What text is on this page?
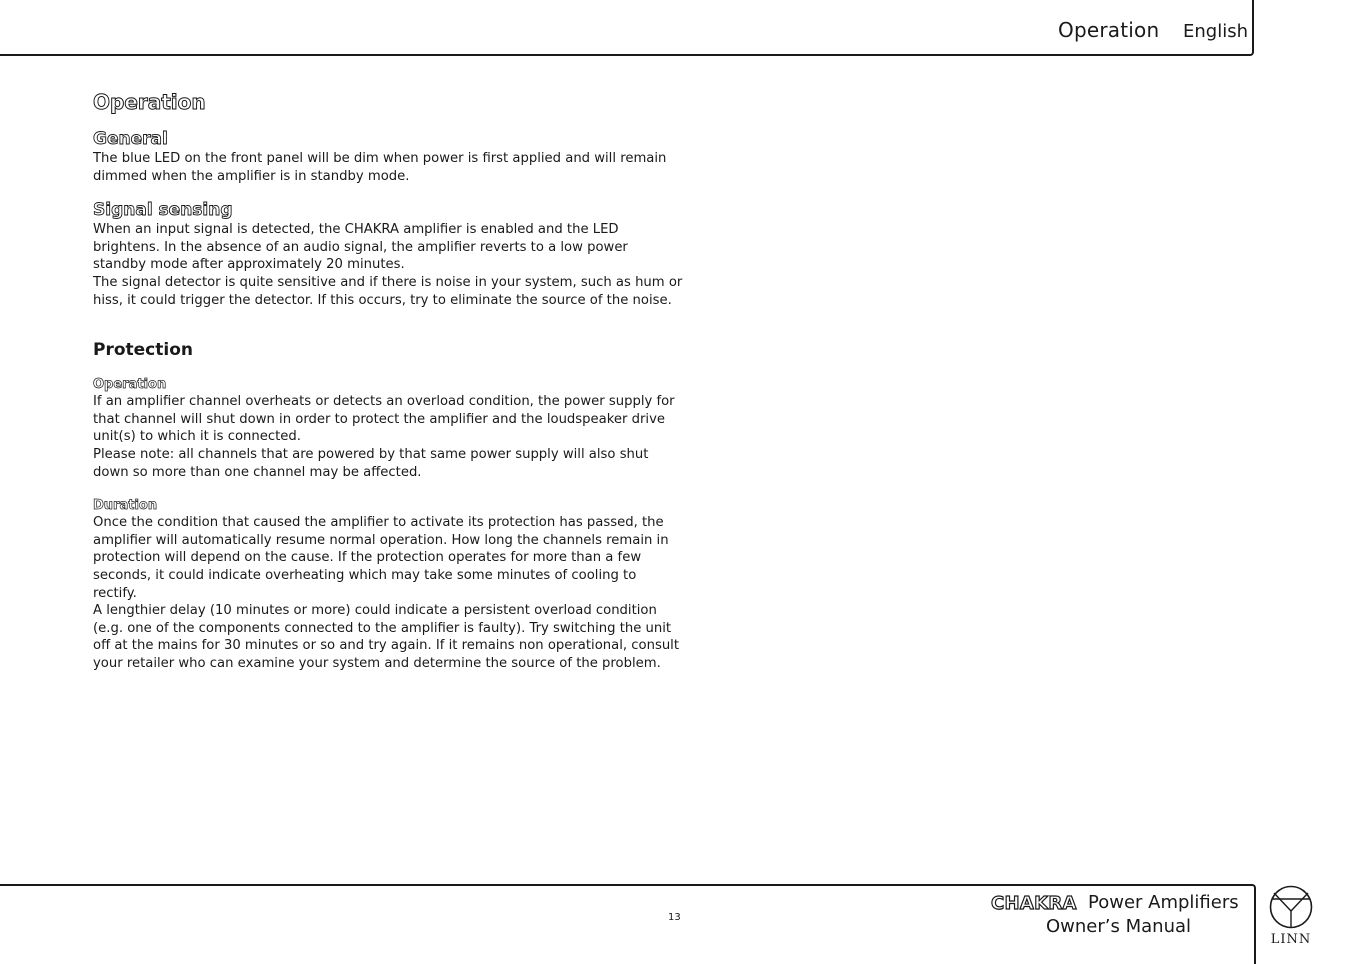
Operation English
Operation
General

The blue LED on the front panel will be dim when power is first applied and will remain dimmed when the amplifier is in standby mode.

Signal sensing

When an input signal is detected, the CHAKRA amplifier is enabled and the LED brightens. In the absence of an audio signal, the amplifier reverts to a low power standby mode after approximately 20 minutes.

The signal detector is quite sensitive and if there is noise in your system, such as hum or hiss, it could trigger the detector. If this occurs, try to eliminate the source of the noise.

Protection
Operation

If an amplifier channel overheats or detects an overload condition, the power supply for that channel will shut down in order to protect the amplifier and the loudspeaker drive unit(s) to which it is connected.

Please note: all channels that are powered by that same power supply will also shut down so more than one channel may be affected.

Duration

Once the condition that caused the amplifier to activate its protection has passed, the amplifier will automatically resume normal operation. How long the channels remain in protection will depend on the cause. If the protection operates for more than a few seconds, it could indicate overheating which may take some minutes of cooling to rectify.

A lengthier delay (10 minutes or more) could indicate a persistent overload condition (e.g. one of the components connected to the amplifier is faulty). Try switching the unit off at the mains for 30 minutes or so and try again. If it remains non operational, consult your retailer who can examine your system and determine the source of the problem.

13
CHAKRA Power Amplifiers
Owner’s Manual
LINN
